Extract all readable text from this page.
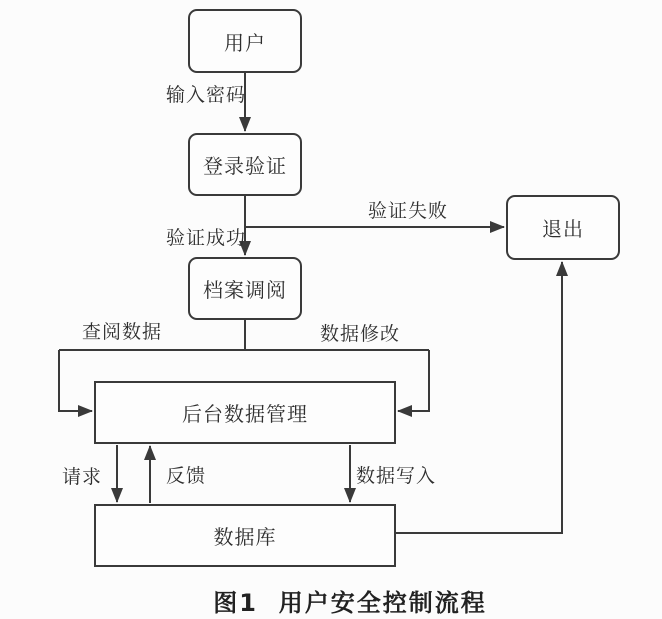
用户
登录验证
退出
档案调阅
后台数据管理
数据库
输入密码
验证成功
验证失败
查阅数据	数据修改
请求	反馈	数据写入
图1  用户安全控制流程
